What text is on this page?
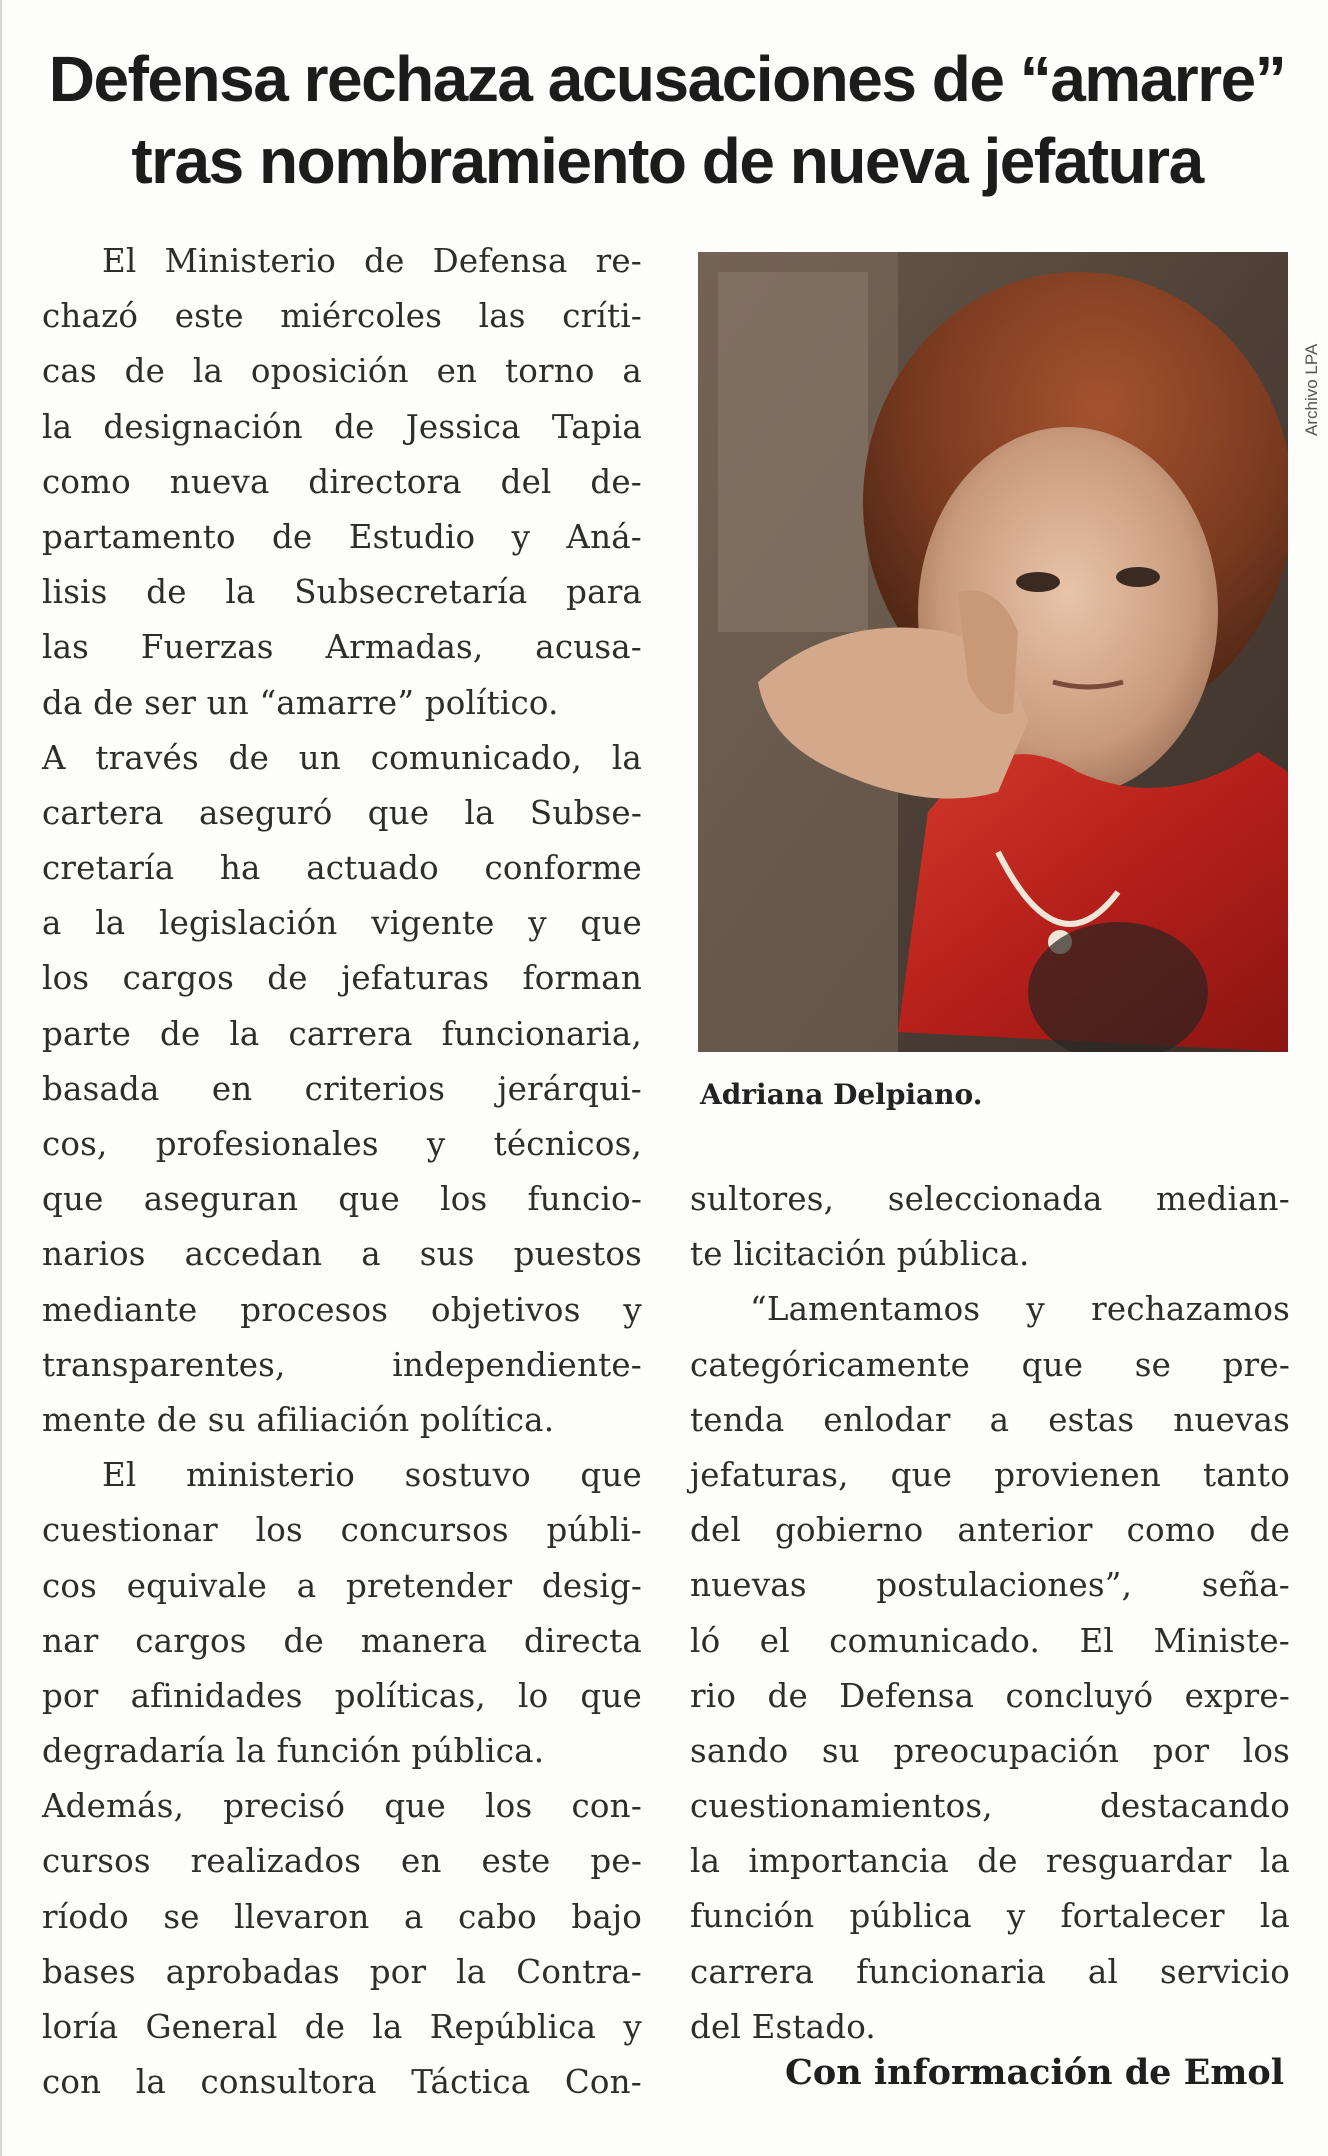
Defensa rechaza acusaciones de “amarre”
tras nombramiento de nueva jefatura
El Ministerio de Defensa re-
chazó este miércoles las críti-
cas de la oposición en torno a
la designación de Jessica Tapia
como nueva directora del de-
partamento de Estudio y Aná-
lisis de la Subsecretaría para
las Fuerzas Armadas, acusa-
da de ser un “amarre” político.
A través de un comunicado, la
cartera aseguró que la Subse-
cretaría ha actuado conforme
a la legislación vigente y que
los cargos de jefaturas forman
parte de la carrera funcionaria,
basada en criterios jerárqui-
cos, profesionales y técnicos,
que aseguran que los funcio-
narios accedan a sus puestos
mediante procesos objetivos y
transparentes, independiente-
mente de su afiliación política.
El ministerio sostuvo que
cuestionar los concursos públi-
cos equivale a pretender desig-
nar cargos de manera directa
por afinidades políticas, lo que
degradaría la función pública.
Además, precisó que los con-
cursos realizados en este pe-
ríodo se llevaron a cabo bajo
bases aprobadas por la Contra-
loría General de la República y
con la consultora Táctica Con-
Archivo LPA
Adriana Delpiano.
sultores, seleccionada median-
te licitación pública.
“Lamentamos y rechazamos
categóricamente que se pre-
tenda enlodar a estas nuevas
jefaturas, que provienen tanto
del gobierno anterior como de
nuevas postulaciones”, seña-
ló el comunicado. El Ministe-
rio de Defensa concluyó expre-
sando su preocupación por los
cuestionamientos, destacando
la importancia de resguardar la
función pública y fortalecer la
carrera funcionaria al servicio
del Estado.
Con información de Emol
